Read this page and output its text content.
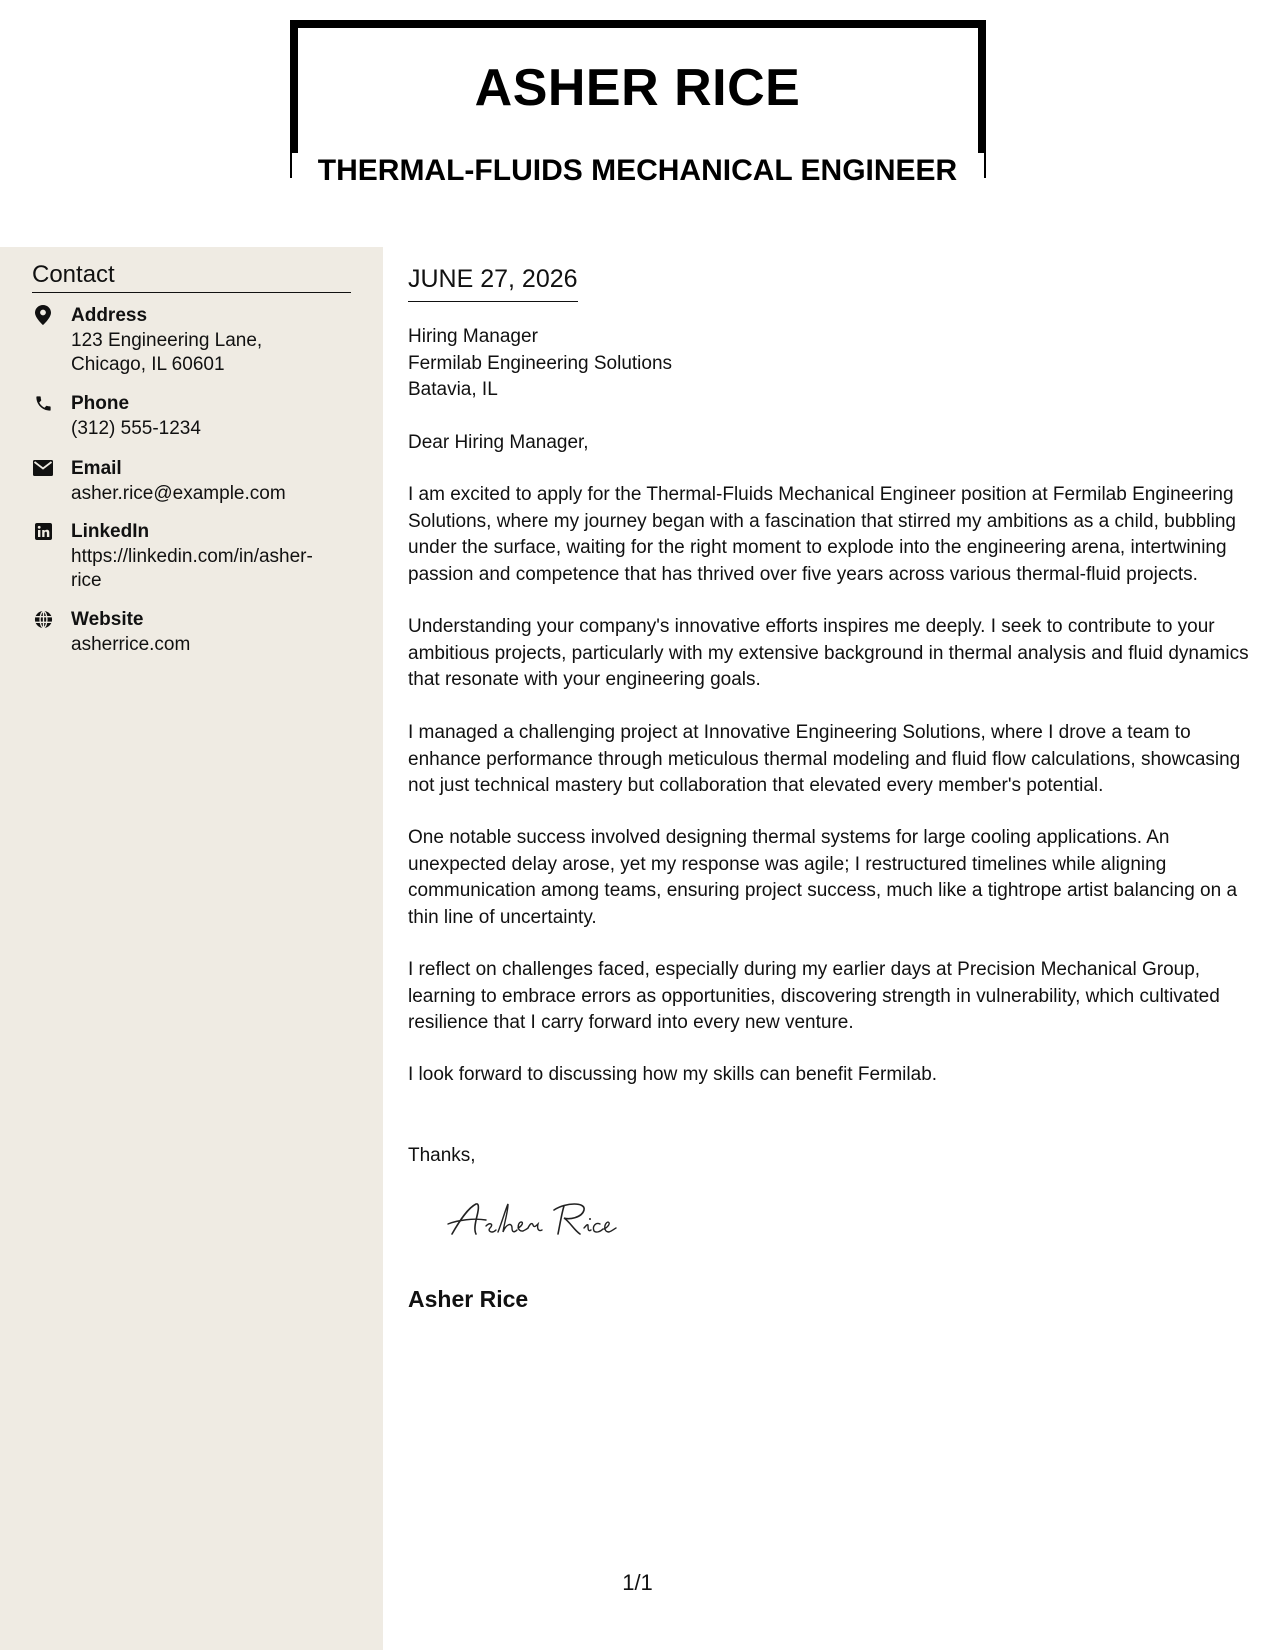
ASHER RICE
THERMAL-FLUIDS MECHANICAL ENGINEER
Contact
Address
123 Engineering Lane, Chicago, IL 60601
Phone
(312) 555-1234
Email
asher.rice@example.com
LinkedIn
https://linkedin.com/in/asher-rice
Website
asherrice.com
JUNE 27, 2026
Hiring Manager
Fermilab Engineering Solutions
Batavia, IL
Dear Hiring Manager,
I am excited to apply for the Thermal-Fluids Mechanical Engineer position at Fermilab Engineering Solutions, where my journey began with a fascination that stirred my ambitions as a child, bubbling under the surface, waiting for the right moment to explode into the engineering arena, intertwining passion and competence that has thrived over five years across various thermal-fluid projects.
Understanding your company's innovative efforts inspires me deeply. I seek to contribute to your ambitious projects, particularly with my extensive background in thermal analysis and fluid dynamics that resonate with your engineering goals.
I managed a challenging project at Innovative Engineering Solutions, where I drove a team to enhance performance through meticulous thermal modeling and fluid flow calculations, showcasing not just technical mastery but collaboration that elevated every member's potential.
One notable success involved designing thermal systems for large cooling applications. An unexpected delay arose, yet my response was agile; I restructured timelines while aligning communication among teams, ensuring project success, much like a tightrope artist balancing on a thin line of uncertainty.
I reflect on challenges faced, especially during my earlier days at Precision Mechanical Group, learning to embrace errors as opportunities, discovering strength in vulnerability, which cultivated resilience that I carry forward into every new venture.
I look forward to discussing how my skills can benefit Fermilab.
Thanks,
Asher Rice
1/1
